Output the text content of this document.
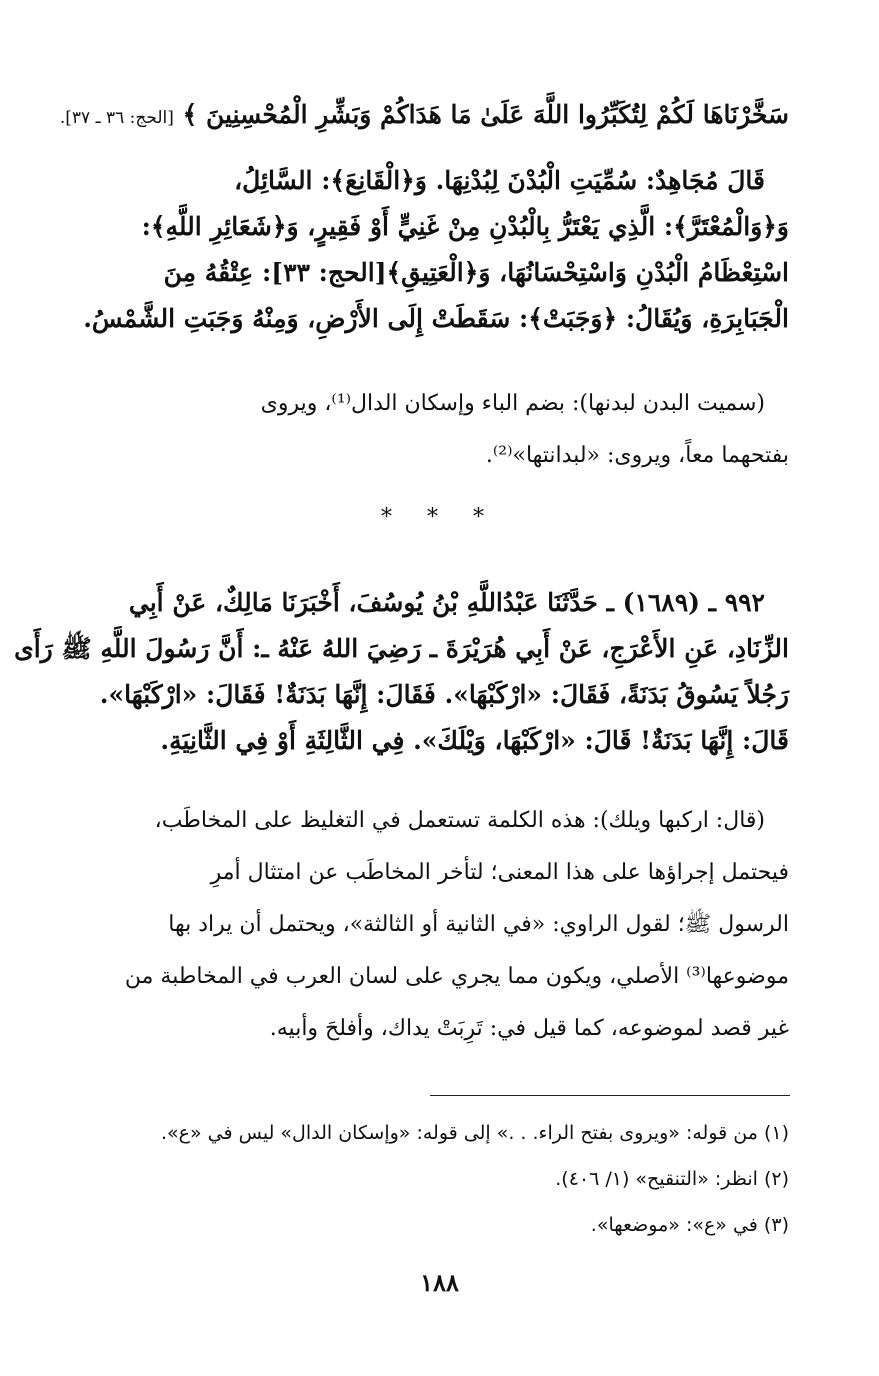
سَخَّرْنَاهَا لَكُمْ لِتُكَبِّرُوا اللَّهَ عَلَىٰ مَا هَدَاكُمْ وَبَشِّرِ الْمُحْسِنِينَ ﴾ [الحج: ٣٦ ـ ٣٧].
قَالَ مُجَاهِدٌ: سُمِّيَتِ الْبُدْنَ لِبُدْنِهَا. وَ﴿الْقَانِعَ﴾: السَّائِلُ،
وَ﴿وَالْمُعْتَرَّ﴾: الَّذِي يَعْتَرُّ بِالْبُدْنِ مِنْ غَنِيٍّ أَوْ فَقِيرٍ، وَ﴿شَعَائِرِ اللَّهِ﴾:
اسْتِعْظَامُ الْبُدْنِ وَاسْتِحْسَانُهَا، وَ﴿الْعَتِيقِ﴾[الحج: ٣٣]: عِتْقُهُ مِنَ
الْجَبَابِرَةِ، وَيُقَالُ: ﴿وَجَبَتْ﴾: سَقَطَتْ إِلَى الأَرْضِ، وَمِنْهُ وَجَبَتِ الشَّمْسُ.
(سميت البدن لبدنها): بضم الباء وإسكان الدال⁽¹⁾، ويروى
بفتحهما معاً، ويروى: «لبدانتها»⁽²⁾.
* * *
٩٩٢ ـ (١٦٨٩) ـ حَدَّثَنَا عَبْدُاللَّهِ بْنُ يُوسُفَ، أَخْبَرَنَا مَالِكٌ، عَنْ أَبِي
الزِّنَادِ، عَنِ الأَعْرَجِ، عَنْ أَبِي هُرَيْرَةَ ـ رَضِيَ اللهُ عَنْهُ ـ: أَنَّ رَسُولَ اللَّهِ ﷺ رَأَى
رَجُلاً يَسُوقُ بَدَنَةً، فَقَالَ: «ارْكَبْهَا». فَقَالَ: إِنَّهَا بَدَنَةٌ! فَقَالَ: «ارْكَبْهَا».
قَالَ: إِنَّهَا بَدَنَةٌ! قَالَ: «ارْكَبْهَا، وَيْلَكَ». فِي الثَّالِثَةِ أَوْ فِي الثَّانِيَةِ.
(قال: اركبها ويلك): هذه الكلمة تستعمل في التغليظ على المخاطَب،
فيحتمل إجراؤها على هذا المعنى؛ لتأخر المخاطَب عن امتثال أمرِ
الرسول ﷺ؛ لقول الراوي: «في الثانية أو الثالثة»، ويحتمل أن يراد بها
موضوعها⁽³⁾ الأصلي، ويكون مما يجري على لسان العرب في المخاطبة من
غير قصد لموضوعه، كما قيل في: تَرِبَتْ يداك، وأفلحَ وأبيه.
(١) من قوله: «ويروى بفتح الراء. . .» إلى قوله: «وإسكان الدال» ليس في «ع».
(٢) انظر: «التنقيح» (١/ ٤٠٦).
(٣) في «ع»: «موضعها».
١٨٨
